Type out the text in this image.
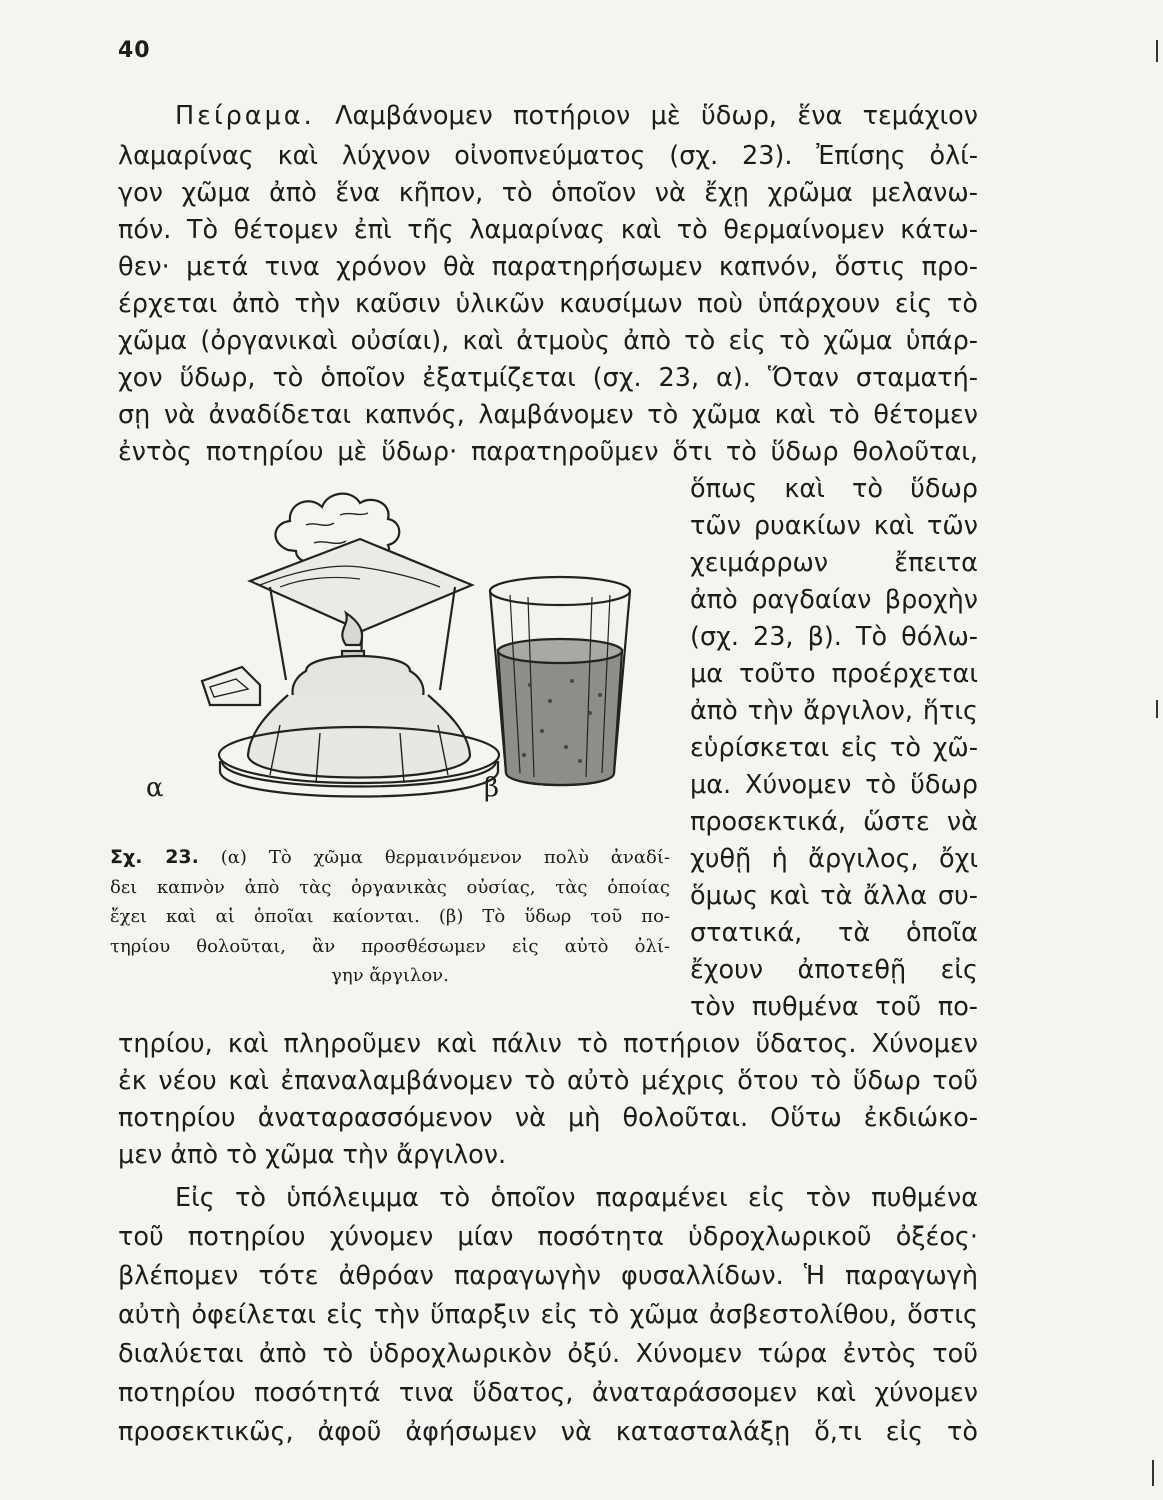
40
Πείραμα. Λαμβάνομεν ποτήριον μὲ ὕδωρ, ἕνα τεμάχιον
λαμαρίνας καὶ λύχνον οἰνοπνεύματος (σχ. 23). Ἐπίσης ὀλί-
γον χῶμα ἀπὸ ἕνα κῆπον, τὸ ὁποῖον νὰ ἔχῃ χρῶμα μελανω-
πόν. Τὸ θέτομεν ἐπὶ τῆς λαμαρίνας καὶ τὸ θερμαίνομεν κάτω-
θεν· μετά τινα χρόνον θὰ παρατηρήσωμεν καπνόν, ὅστις προ-
έρχεται ἀπὸ τὴν καῦσιν ὑλικῶν καυσίμων ποὺ ὑπάρχουν εἰς τὸ
χῶμα (ὀργανικαὶ οὐσίαι), καὶ ἀτμοὺς ἀπὸ τὸ εἰς τὸ χῶμα ὑπάρ-
χον ὕδωρ, τὸ ὁποῖον ἐξατμίζεται (σχ. 23, α). Ὅταν σταματή-
σῃ νὰ ἀναδίδεται καπνός, λαμβάνομεν τὸ χῶμα καὶ τὸ θέτομεν
ἐντὸς ποτηρίου μὲ ὕδωρ· παρατηροῦμεν ὅτι τὸ ὕδωρ θολοῦται,
ὅπως καὶ τὸ ὕδωρ
τῶν ρυακίων καὶ τῶν
χειμάρρων ἔπειτα
ἀπὸ ραγδαίαν βροχὴν
(σχ. 23, β). Τὸ θόλω-
μα τοῦτο προέρχεται
ἀπὸ τὴν ἄργιλον, ἥτις
εὑρίσκεται εἰς τὸ χῶ-
μα. Χύνομεν τὸ ὕδωρ
προσεκτικά, ὥστε νὰ
χυθῇ ἡ ἄργιλος, ὄχι
ὅμως καὶ τὰ ἄλλα συ-
στατικά, τὰ ὁποῖα
ἔχουν ἀποτεθῇ εἰς
τὸν πυθμένα τοῦ πο-
α	β
Σχ. 23. (α) Τὸ χῶμα θερμαινόμενον πολὺ ἀναδί-
δει καπνὸν ἀπὸ τὰς ὀργανικὰς οὐσίας, τὰς ὁποίας
ἔχει καὶ αἱ ὁποῖαι καίονται. (β) Τὸ ὕδωρ τοῦ πο-
τηρίου θολοῦται, ἂν προσθέσωμεν εἰς αὐτὸ ὀλί-
γην ἄργιλον.
τηρίου, καὶ πληροῦμεν καὶ πάλιν τὸ ποτήριον ὕδατος. Χύνομεν
ἐκ νέου καὶ ἐπαναλαμβάνομεν τὸ αὐτὸ μέχρις ὅτου τὸ ὕδωρ τοῦ
ποτηρίου ἀναταρασσόμενον νὰ μὴ θολοῦται. Οὕτω ἐκδιώκο-
μεν ἀπὸ τὸ χῶμα τὴν ἄργιλον.
Εἰς τὸ ὑπόλειμμα τὸ ὁποῖον παραμένει εἰς τὸν πυθμένα
τοῦ ποτηρίου χύνομεν μίαν ποσότητα ὑδροχλωρικοῦ ὀξέος·
βλέπομεν τότε ἀθρόαν παραγωγὴν φυσαλλίδων. Ἡ παραγωγὴ
αὐτὴ ὀφείλεται εἰς τὴν ὕπαρξιν εἰς τὸ χῶμα ἀσβεστολίθου, ὅστις
διαλύεται ἀπὸ τὸ ὑδροχλωρικὸν ὀξύ. Χύνομεν τώρα ἐντὸς τοῦ
ποτηρίου ποσότητά τινα ὕδατος, ἀναταράσσομεν καὶ χύνομεν
προσεκτικῶς, ἀφοῦ ἀφήσωμεν νὰ κατασταλάξῃ ὅ,τι εἰς τὸ
